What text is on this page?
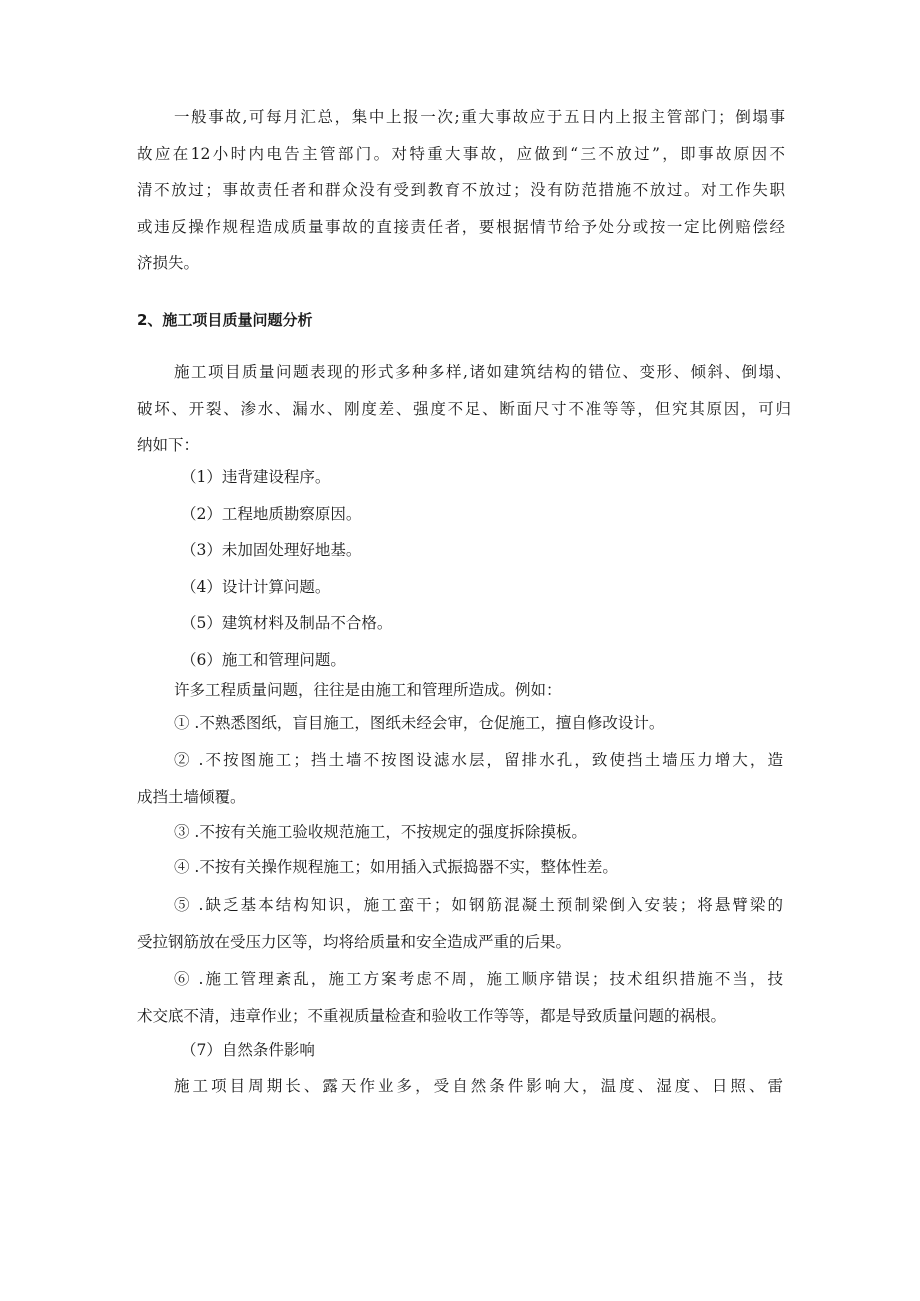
一般事故,可每月汇总，集中上报一次;重大事故应于五日内上报主管部门；倒塌事
故应在12小时内电告主管部门。对特重大事故，应做到“三不放过”，即事故原因不
清不放过；事故责任者和群众没有受到教育不放过；没有防范措施不放过。对工作失职
或违反操作规程造成质量事故的直接责任者，要根据情节给予处分或按一定比例赔偿经
济损失。
2、施工项目质量问题分析
施工项目质量问题表现的形式多种多样,诸如建筑结构的错位、变形、倾斜、倒塌、
破坏、开裂、渗水、漏水、刚度差、强度不足、断面尺寸不准等等，但究其原因，可归
纳如下：
（1）违背建设程序。
（2）工程地质勘察原因。
（3）未加固处理好地基。
（4）设计计算问题。
（5）建筑材料及制品不合格。
（6）施工和管理问题。
许多工程质量问题，往往是由施工和管理所造成。例如：
① .不熟悉图纸，盲目施工，图纸未经会审，仓促施工，擅自修改设计。
② .不按图施工；挡土墙不按图设滤水层，留排水孔，致使挡土墙压力增大，造
成挡土墙倾覆。
③ .不按有关施工验收规范施工，不按规定的强度拆除摸板。
④ .不按有关操作规程施工；如用插入式振捣器不实，整体性差。
⑤ .缺乏基本结构知识，施工蛮干；如钢筋混凝土预制梁倒入安装；将悬臂梁的
受拉钢筋放在受压力区等，均将给质量和安全造成严重的后果。
⑥ .施工管理紊乱，施工方案考虑不周，施工顺序错误；技术组织措施不当，技
术交底不清，违章作业；不重视质量检查和验收工作等等，都是导致质量问题的祸根。
（7）自然条件影响
施工项目周期长、露天作业多，受自然条件影响大，温度、湿度、日照、雷
